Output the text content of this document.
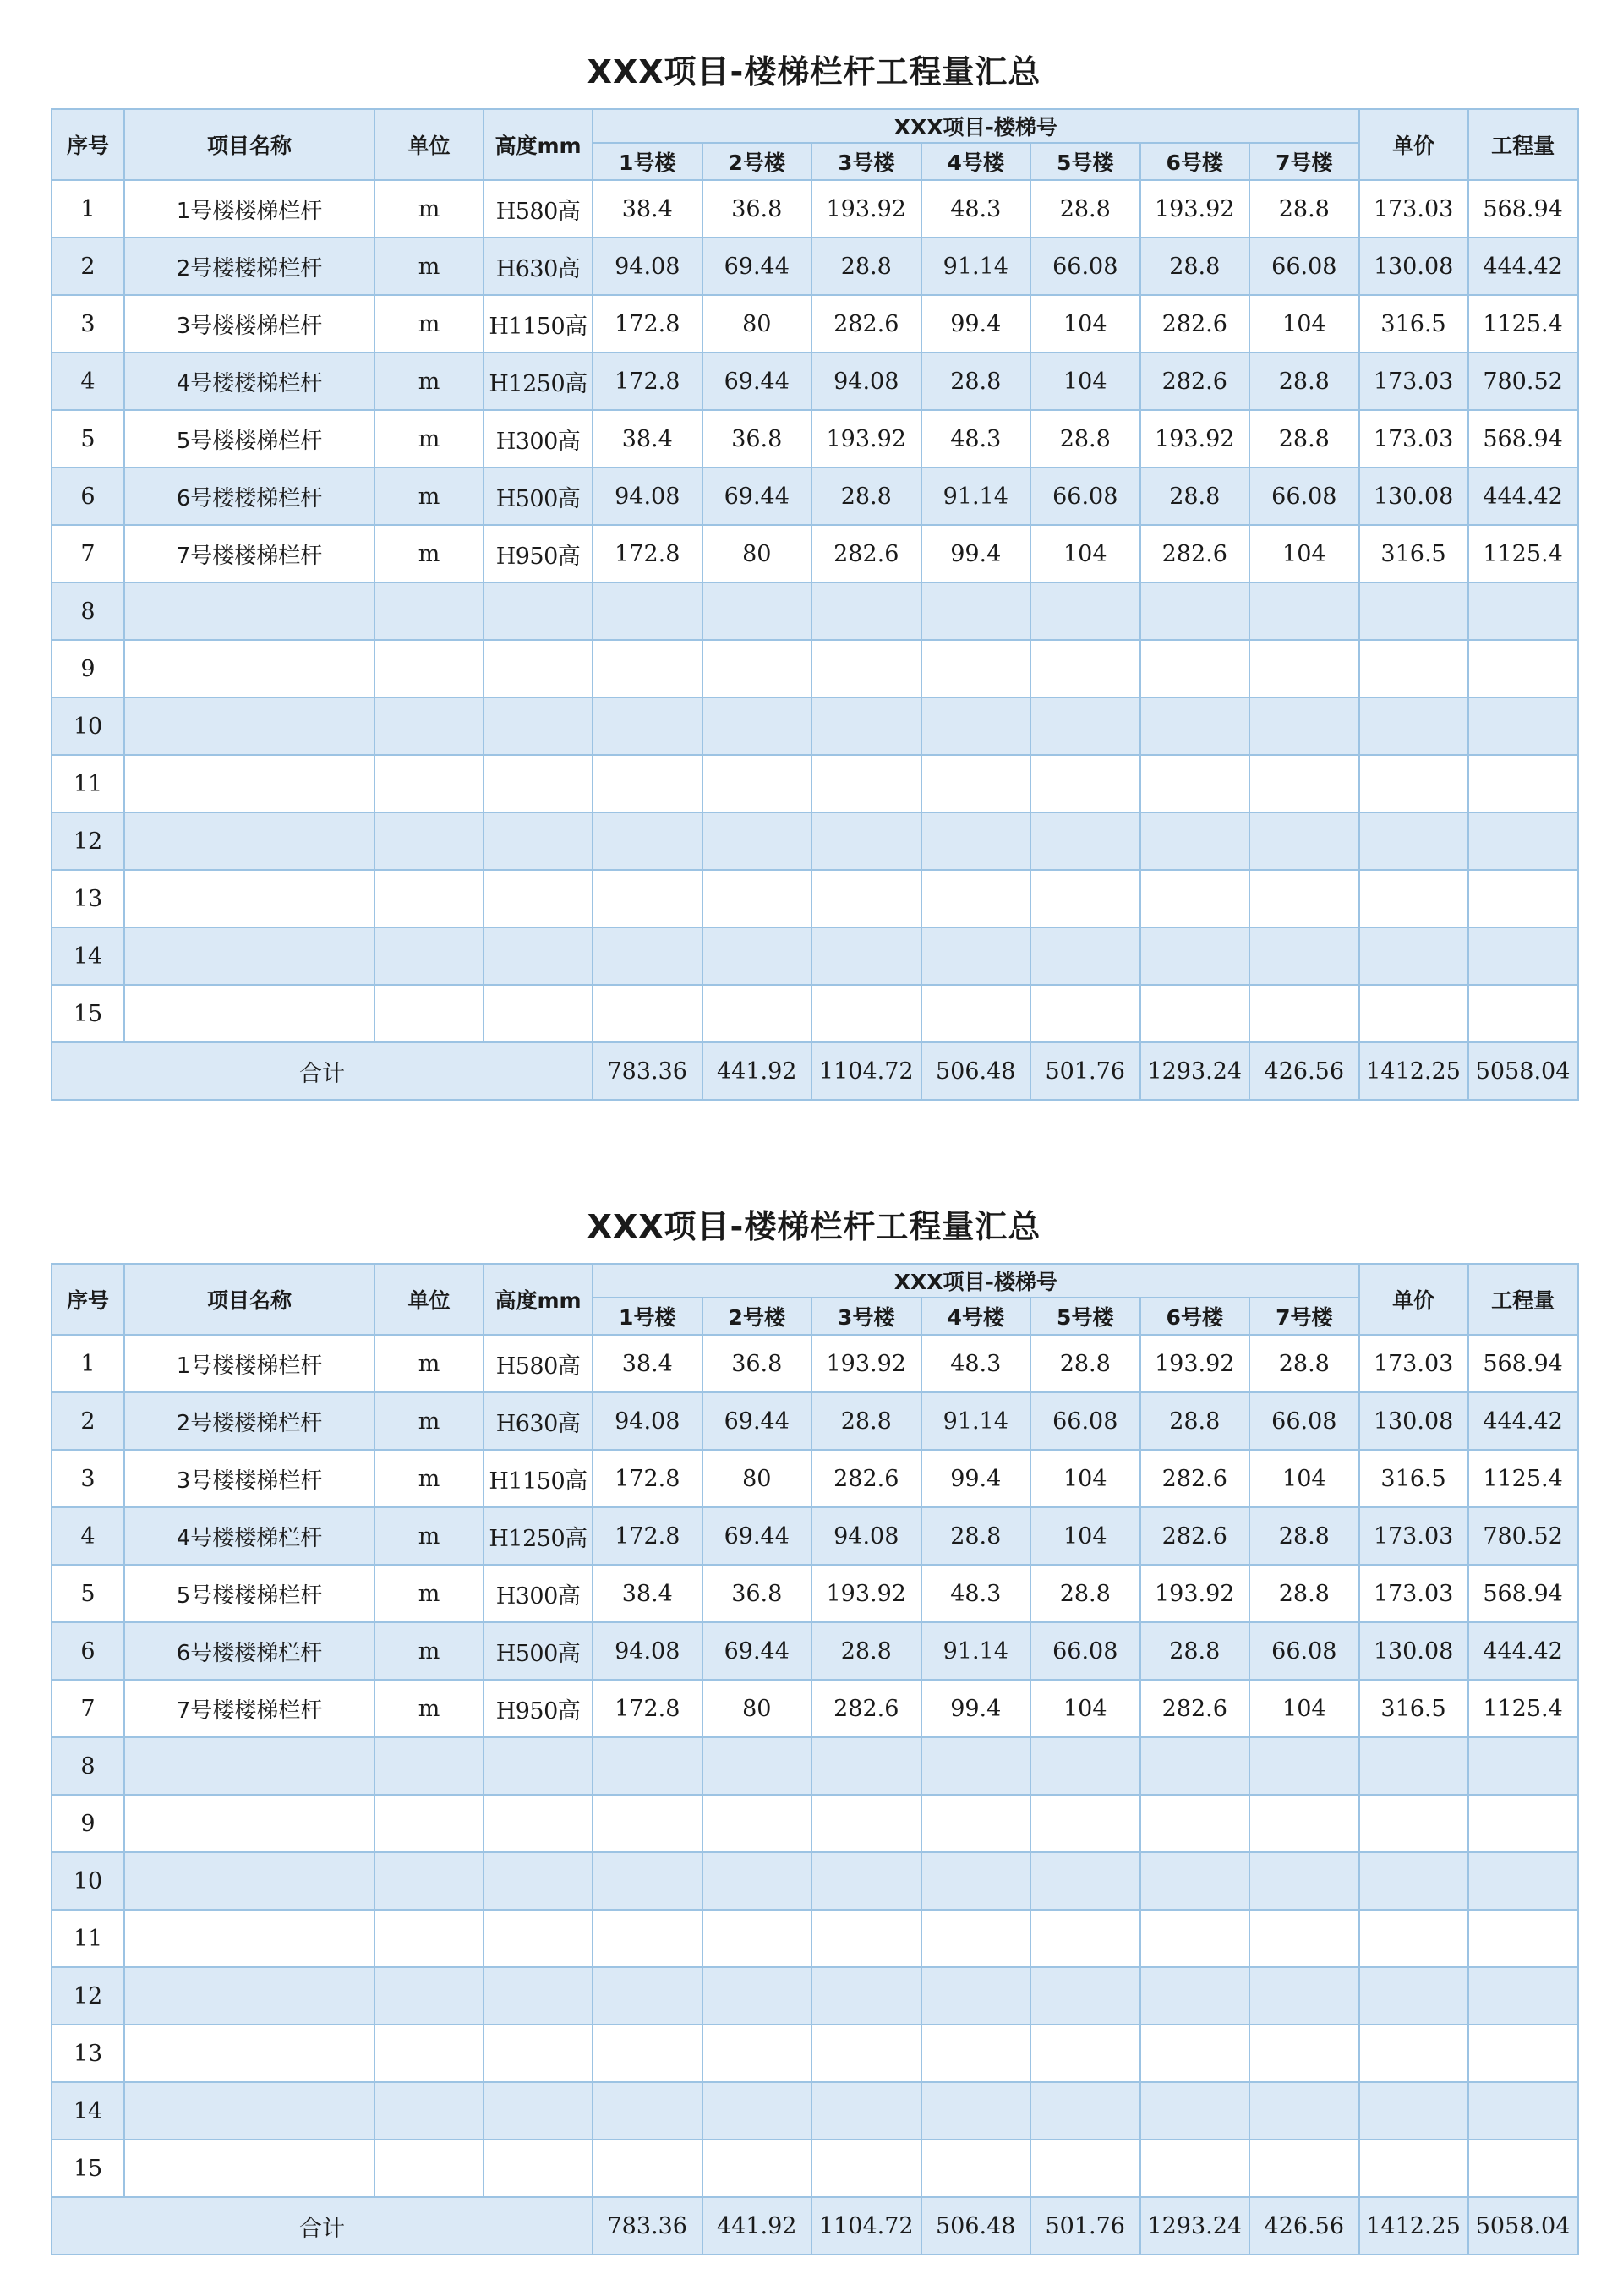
XXX项目-楼梯栏杆工程量汇总
序号	项目名称	单位	高度mm	XXX项目-楼梯号							单价	工程量
				1号楼	2号楼	3号楼	4号楼	5号楼	6号楼	7号楼		
1	1号楼楼梯栏杆	m	H580高	38.4	36.8	193.92	48.3	28.8	193.92	28.8	173.03	568.94
2	2号楼楼梯栏杆	m	H630高	94.08	69.44	28.8	91.14	66.08	28.8	66.08	130.08	444.42
3	3号楼楼梯栏杆	m	H1150高	172.8	80	282.6	99.4	104	282.6	104	316.5	1125.4
4	4号楼楼梯栏杆	m	H1250高	172.8	69.44	94.08	28.8	104	282.6	28.8	173.03	780.52
5	5号楼楼梯栏杆	m	H300高	38.4	36.8	193.92	48.3	28.8	193.92	28.8	173.03	568.94
6	6号楼楼梯栏杆	m	H500高	94.08	69.44	28.8	91.14	66.08	28.8	66.08	130.08	444.42
7	7号楼楼梯栏杆	m	H950高	172.8	80	282.6	99.4	104	282.6	104	316.5	1125.4
8												
9												
10												
11												
12												
13												
14												
15												
合计				783.36	441.92	1104.72	506.48	501.76	1293.24	426.56	1412.25	5058.04
XXX项目-楼梯栏杆工程量汇总
序号	项目名称	单位	高度mm	XXX项目-楼梯号							单价	工程量
				1号楼	2号楼	3号楼	4号楼	5号楼	6号楼	7号楼		
1	1号楼楼梯栏杆	m	H580高	38.4	36.8	193.92	48.3	28.8	193.92	28.8	173.03	568.94
2	2号楼楼梯栏杆	m	H630高	94.08	69.44	28.8	91.14	66.08	28.8	66.08	130.08	444.42
3	3号楼楼梯栏杆	m	H1150高	172.8	80	282.6	99.4	104	282.6	104	316.5	1125.4
4	4号楼楼梯栏杆	m	H1250高	172.8	69.44	94.08	28.8	104	282.6	28.8	173.03	780.52
5	5号楼楼梯栏杆	m	H300高	38.4	36.8	193.92	48.3	28.8	193.92	28.8	173.03	568.94
6	6号楼楼梯栏杆	m	H500高	94.08	69.44	28.8	91.14	66.08	28.8	66.08	130.08	444.42
7	7号楼楼梯栏杆	m	H950高	172.8	80	282.6	99.4	104	282.6	104	316.5	1125.4
8												
9												
10												
11												
12												
13												
14												
15												
合计				783.36	441.92	1104.72	506.48	501.76	1293.24	426.56	1412.25	5058.04
